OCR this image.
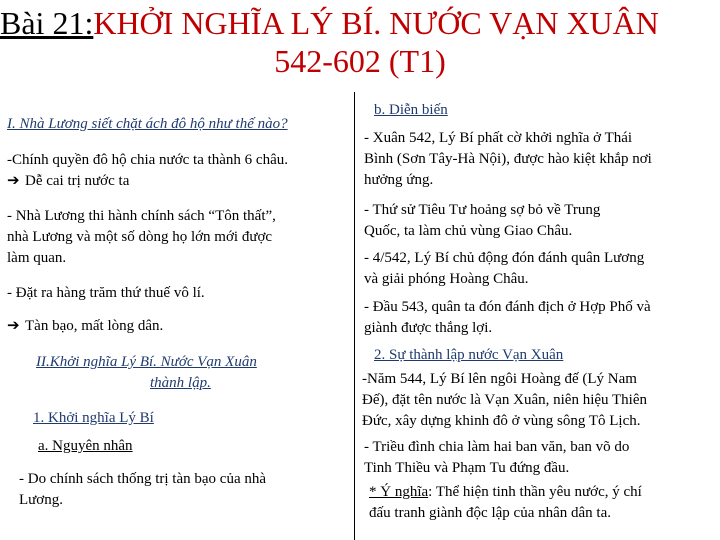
Bài 21:KHỞI NGHĨA LÝ BÍ. NƯỚC VẠN XUÂN
542-602 (T1)
I. Nhà Lương siết chặt ách đô hộ như thế nào?
-Chính quyền đô hộ chia nước ta thành 6 châu.
➔ Dễ cai trị nước ta
- Nhà Lương thi hành chính sách “Tôn thất”,
nhà Lương và một số dòng họ lớn mới được
làm quan.
- Đặt ra hàng trăm thứ thuế vô lí.
➔ Tàn bạo, mất lòng dân.
II.Khởi nghĩa Lý Bí. Nước Vạn Xuân
thành lập.
1. Khởi nghĩa Lý Bí
a. Nguyên nhân
- Do chính sách thống trị tàn bạo của nhà
Lương.
b. Diễn biến
- Xuân 542, Lý Bí phất cờ khởi nghĩa ở Thái
Bình (Sơn Tây-Hà Nội), được hào kiệt khắp nơi
hưởng ứng.
- Thứ sử Tiêu Tư hoảng sợ bỏ về Trung
Quốc, ta làm chủ vùng Giao Châu.
- 4/542, Lý Bí chủ động đón đánh quân Lương
và giải phóng Hoàng Châu.
- Đầu 543, quân ta đón đánh địch ở Hợp Phố và
giành được thắng lợi.
2. Sự thành lập nước Vạn Xuân
-Năm 544, Lý Bí lên ngôi Hoàng đế (Lý Nam
Đế), đặt tên nước là Vạn Xuân, niên hiệu Thiên
Đức, xây dựng khinh đô ở vùng sông Tô Lịch.
- Triều đình chia làm hai ban văn, ban võ do
Tinh Thiều và Phạm Tu đứng đầu.
* Ý nghĩa: Thể hiện tinh thần yêu nước, ý chí
đấu tranh giành độc lập của nhân dân ta.
